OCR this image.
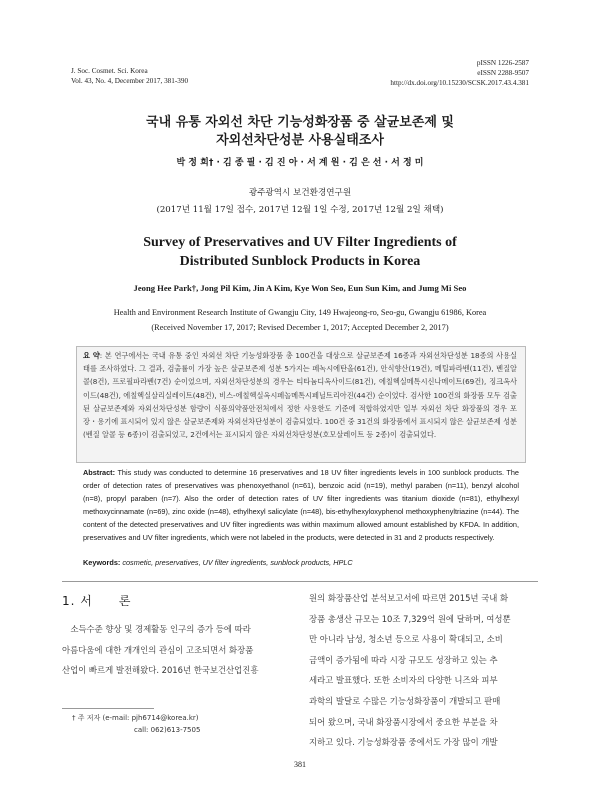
J. Soc. Cosmet. Sci. Korea
Vol. 43, No. 4, December 2017, 381-390
pISSN 1226-2587
eISSN 2288-9507
http://dx.doi.org/10.15230/SCSK.2017.43.4.381
국내 유통 자외선 차단 기능성화장품 중 살균보존제 및
자외선차단성분 사용실태조사
박 정 희† · 김 종 필 · 김 진 아 · 서 계 원 · 김 은 선 · 서 정 미
광주광역시 보건환경연구원
(2017년 11월 17일 접수, 2017년 12월 1일 수정, 2017년 12월 2일 채택)
Survey of Preservatives and UV Filter Ingredients of
Distributed Sunblock Products in Korea
Jeong Hee Park†, Jong Pil Kim, Jin A Kim, Kye Won Seo, Eun Sun Kim, and Jumg Mi Seo
Health and Environment Research Institute of Gwangju City, 149 Hwajeong-ro, Seo-gu, Gwangju 61986, Korea
(Received November 17, 2017; Revised December 1, 2017; Accepted December 2, 2017)
요 약: 본 연구에서는 국내 유통 중인 자외선 차단 기능성화장품 총 100건을 대상으로 살균보존제 16종과 자외선차단성분 18종의 사용실태를 조사하였다. 그 결과, 검출률이 가장 높은 살균보존제 성분 5가지는 페녹시에탄올(61건), 안식향산(19건), 메틸파라벤(11건), 벤질알콜(8건), 프로필파라벤(7건) 순이었으며, 자외선차단성분의 경우는 티타늄디옥사이드(81건), 에칠헥실메톡시신나메이트(69건), 징크옥사이드(48건), 에칠헥실살리실레이트(48건), 비스-에칠헥실옥시페놀메톡시페닐트리아진(44건) 순이었다. 검사한 100건의 화장품 모두 검출된 살균보존제와 자외선차단성분 함량이 식품의약품안전처에서 정한 사용한도 기준에 적합하였지만 일부 자외선 차단 화장품의 경우 포장・용기에 표시되어 있지 않은 살균보존제와 자외선차단성분이 검출되었다. 100건 중 31건의 화장품에서 표시되지 않은 살균보존제 성분(벤질 알콜 등 6종)이 검출되었고, 2건에서는 표시되지 않은 자외선차단성분(호모살레이트 등 2종)이 검출되었다.
Abstract: This study was conducted to determine 16 preservatives and 18 UV filter ingredients levels in 100 sunblock products. The order of detection rates of preservatives was phenoxyethanol (n=61), benzoic acid (n=19), methyl paraben (n=11), benzyl alcohol (n=8), propyl paraben (n=7). Also the order of detection rates of UV filter ingredients was titanium dioxide (n=81), ethylhexyl methoxycinnamate (n=69), zinc oxide (n=48), ethylhexyl salicylate (n=48), bis-ethylhexyloxyphenol methoxyphenyltriazine (n=44). The content of the detected preservatives and UV filter ingredients was within maximum allowed amount established by KFDA. In addition, preservatives and UV filter ingredients, which were not labeled in the products, were detected in 31 and 2 products respectively.
Keywords: cosmetic, preservatives, UV filter ingredients, sunblock products, HPLC
1. 서 론
　소득수준 향상 및 경제활동 인구의 증가 등에 따라
아름다움에 대한 개개인의 관심이 고조되면서 화장품
산업이 빠르게 발전해왔다. 2016년 한국보건산업진흥
원의 화장품산업 분석보고서에 따르면 2015년 국내 화
장품 총생산 규모는 10조 7,329억 원에 달하며, 여성뿐
만 아니라 남성, 청소년 등으로 사용이 확대되고, 소비
금액이 증가됨에 따라 시장 규모도 성장하고 있는 추
세라고 발표했다. 또한 소비자의 다양한 니즈와 피부
과학의 발달로 수많은 기능성화장품이 개발되고 판매
되어 왔으며, 국내 화장품시장에서 중요한 부분을 차
지하고 있다. 기능성화장품 중에서도 가장 많이 개발
† 주 저자 (e-mail: pjh6714@korea.kr)
call: 062)613-7505
381
